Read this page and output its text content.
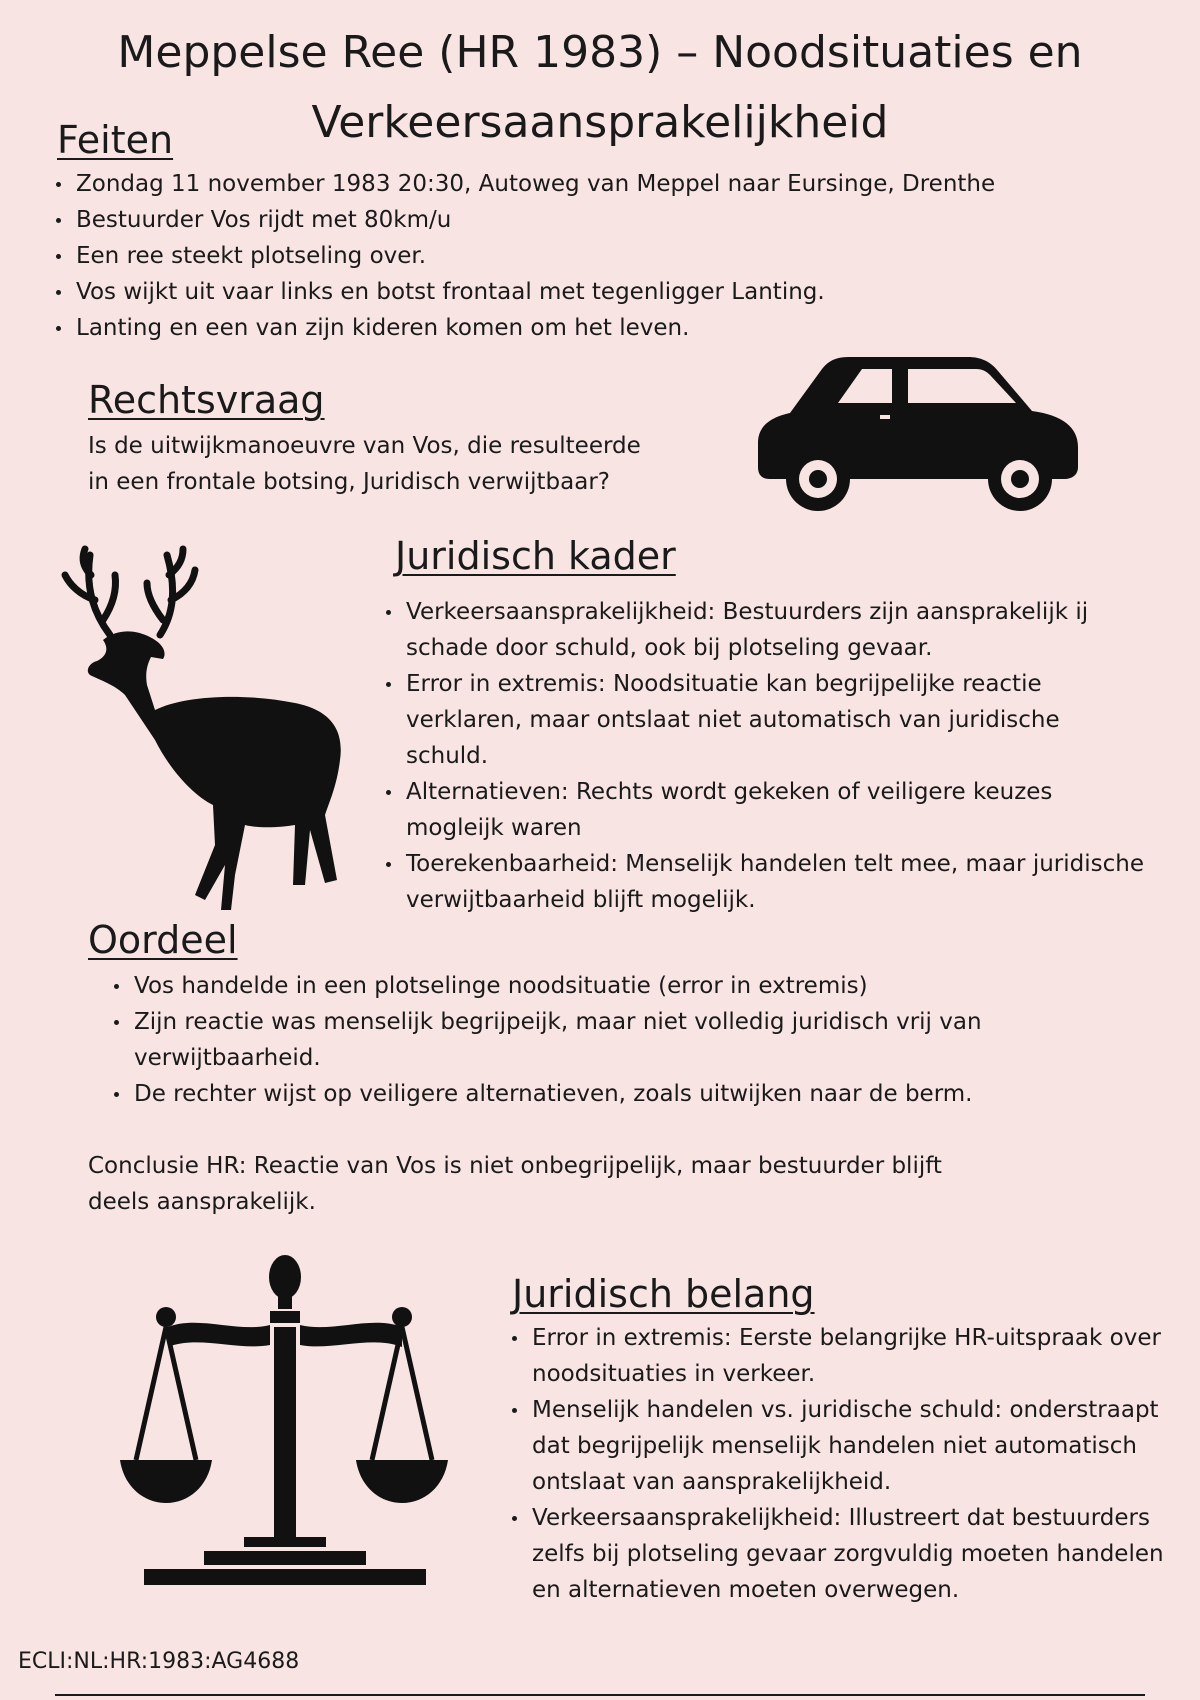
Meppelse Ree (HR 1983) – Noodsituaties en Verkeersaansprakelijkheid
Feiten
Zondag 11 november 1983 20:30, Autoweg van Meppel naar Eursinge, Drenthe
Bestuurder Vos rijdt met 80km/u
Een ree steekt plotseling over.
Vos wijkt uit vaar links en botst frontaal met tegenligger Lanting.
Lanting en een van zijn kideren komen om het leven.
Rechtsvraag

Is de uitwijkmanoeuvre van Vos, die resulteerde in een frontale botsing, Juridisch verwijtbaar?

Juridisch kader
Verkeersaansprakelijkheid: Bestuurders zijn aansprakelijk ij schade door schuld, ook bij plotseling gevaar.
Error in extremis: Noodsituatie kan begrijpelijke reactie verklaren, maar ontslaat niet automatisch van juridische schuld.
Alternatieven: Rechts wordt gekeken of veiligere keuzes mogleijk waren
Toerekenbaarheid: Menselijk handelen telt mee, maar juridische verwijtbaarheid blijft mogelijk.
Oordeel
Vos handelde in een plotselinge noodsituatie (error in extremis)
Zijn reactie was menselijk begrijpeijk, maar niet volledig juridisch vrij van verwijtbaarheid.
De rechter wijst op veiligere alternatieven, zoals uitwijken naar de berm.

Conclusie HR: Reactie van Vos is niet onbegrijpelijk, maar bestuurder blijft deels aansprakelijk.

Juridisch belang
Error in extremis: Eerste belangrijke HR-uitspraak over noodsituaties in verkeer.
Menselijk handelen vs. juridische schuld: onderstraapt dat begrijpelijk menselijk handelen niet automatisch ontslaat van aansprakelijkheid.
Verkeersaansprakelijkheid: Illustreert dat bestuurders zelfs bij plotseling gevaar zorgvuldig moeten handelen en alternatieven moeten overwegen.

ECLI:NL:HR:1983:AG4688
